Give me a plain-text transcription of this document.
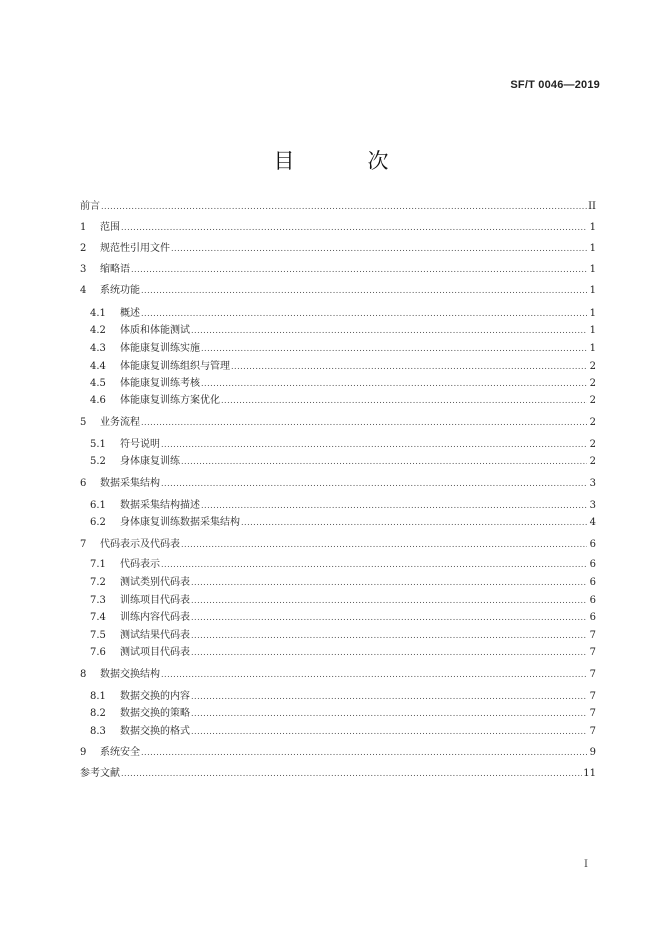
SF/T 0046—2019
目　次
前言 .....	II
1	范围 .....	1
2	规范性引用文件 .....	1
3	缩略语 .....	1
4	系统功能 .....	1
4.1	概述 .....	1
4.2	体质和体能测试 .....	1
4.3	体能康复训练实施 .....	1
4.4	体能康复训练组织与管理 .....	2
4.5	体能康复训练考核 .....	2
4.6	体能康复训练方案优化 .....	2
5	业务流程 .....	2
5.1	符号说明 .....	2
5.2	身体康复训练 .....	2
6	数据采集结构 .....	3
6.1	数据采集结构描述 .....	3
6.2	身体康复训练数据采集结构 .....	4
7	代码表示及代码表 .....	6
7.1	代码表示 .....	6
7.2	测试类别代码表 .....	6
7.3	训练项目代码表 .....	6
7.4	训练内容代码表 .....	6
7.5	测试结果代码表 .....	7
7.6	测试项目代码表 .....	7
8	数据交换结构 .....	7
8.1	数据交换的内容 .....	7
8.2	数据交换的策略 .....	7
8.3	数据交换的格式 .....	7
9	系统安全 .....	9
参考文献 .....	11
I
